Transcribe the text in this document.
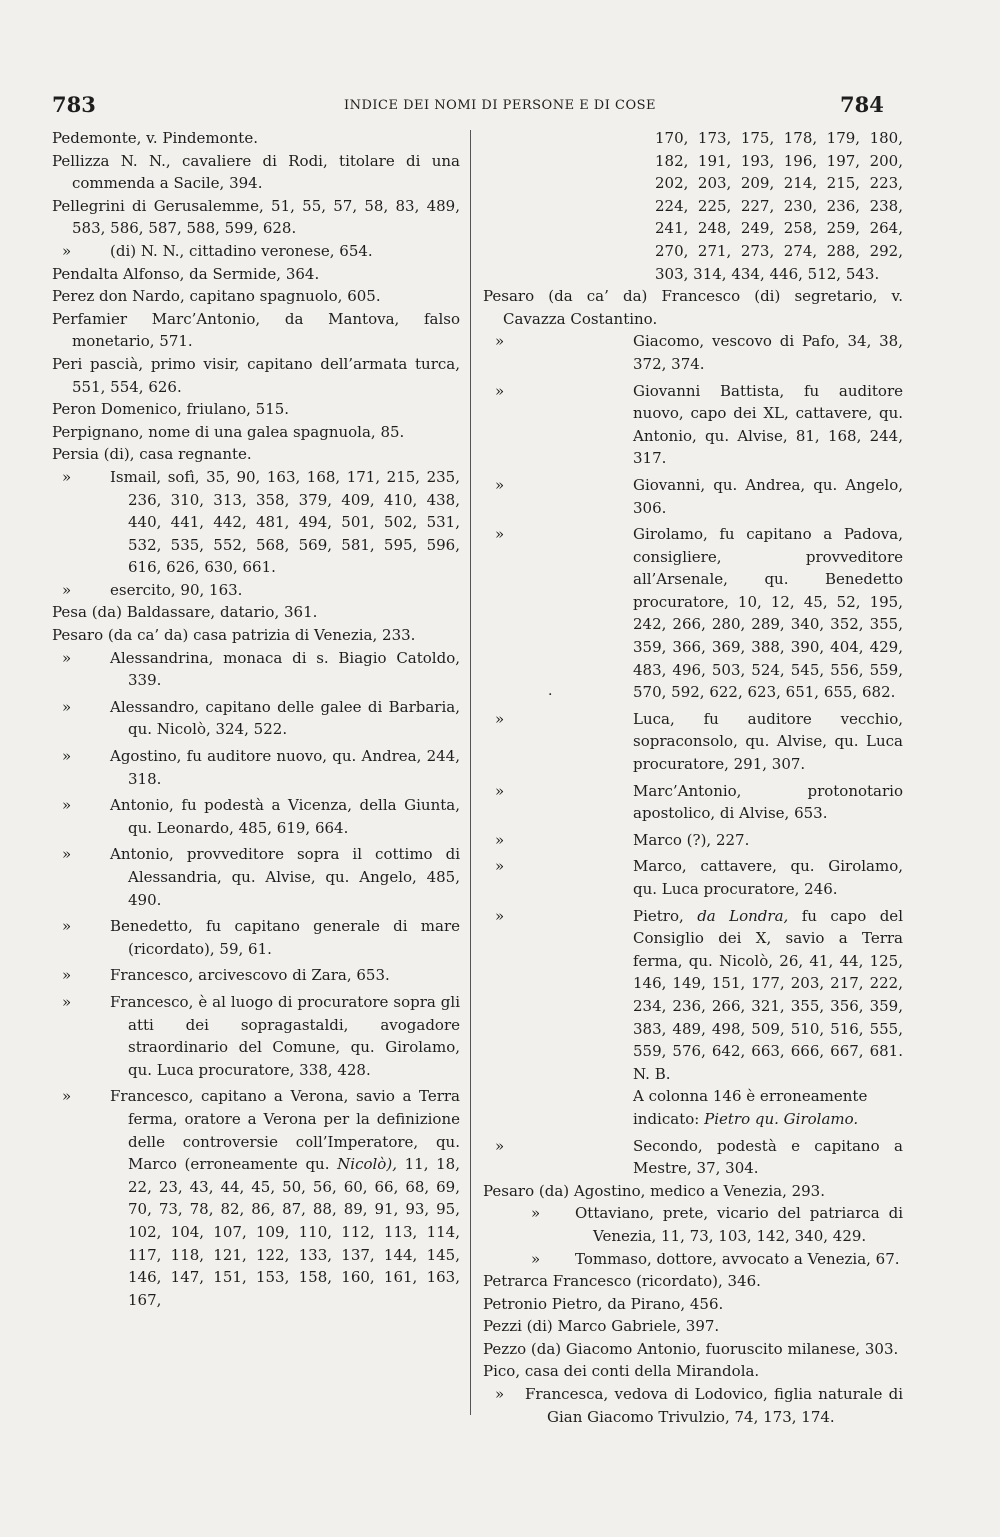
783	INDICE DEI NOMI DI PERSONE E DI COSE	784
Pedemonte, v. Pindemonte.
Pellizza N. N., cavaliere di Rodi, titolare di una commenda a Sacile, 394.
Pellegrini di Gerusalemme, 51, 55, 57, 58, 83, 489, 583, 586, 587, 588, 599, 628.
»	(di) N. N., cittadino veronese, 654.
Pendalta Alfonso, da Sermide, 364.
Perez don Nardo, capitano spagnuolo, 605.
Perfamier Marc’Antonio, da Mantova, falso monetario, 571.
Peri pascià, primo visir, capitano dell’armata turca, 551, 554, 626.
Peron Domenico, friulano, 515.
Perpignano, nome di una galea spagnuola, 85.
Persia (di), casa regnante.
»	Ismail, sofì, 35, 90, 163, 168, 171, 215, 235, 236, 310, 313, 358, 379, 409, 410, 438, 440, 441, 442, 481, 494, 501, 502, 531, 532, 535, 552, 568, 569, 581, 595, 596, 616, 626, 630, 661.
»	esercito, 90, 163.
Pesa (da) Baldassare, datario, 361.
Pesaro (da ca’ da) casa patrizia di Venezia, 233.
»	Alessandrina, monaca di s. Biagio Catoldo, 339.
»	Alessandro, capitano delle galee di Barbaria, qu. Nicolò, 324, 522.
»	Agostino, fu auditore nuovo, qu. Andrea, 244, 318.
»	Antonio, fu podestà a Vicenza, della Giunta, qu. Leonardo, 485, 619, 664.
»	Antonio, provveditore sopra il cottimo di Alessandria, qu. Alvise, qu. Angelo, 485, 490.
»	Benedetto, fu capitano generale di mare (ricordato), 59, 61.
»	Francesco, arcivescovo di Zara, 653.
»	Francesco, è al luogo di procuratore sopra gli atti dei sopragastaldi, avogadore straordinario del Comune, qu. Girolamo, qu. Luca procuratore, 338, 428.
»	Francesco, capitano a Verona, savio a Terra ferma, oratore a Verona per la definizione delle controversie coll’Imperatore, qu. Marco (erroneamente qu. Nicolò), 11, 18, 22, 23, 43, 44, 45, 50, 56, 60, 66, 68, 69, 70, 73, 78, 82, 86, 87, 88, 89, 91, 93, 95, 102, 104, 107, 109, 110, 112, 113, 114, 117, 118, 121, 122, 133, 137, 144, 145, 146, 147, 151, 153, 158, 160, 161, 163, 167,
170, 173, 175, 178, 179, 180, 182, 191, 193, 196, 197, 200, 202, 203, 209, 214, 215, 223, 224, 225, 227, 230, 236, 238, 241, 248, 249, 258, 259, 264, 270, 271, 273, 274, 288, 292, 303, 314, 434, 446, 512, 543.
Pesaro (da ca’ da) Francesco (di) segretario, v. Cavazza Costantino.
»	Giacomo, vescovo di Pafo, 34, 38, 372, 374.
»	Giovanni Battista, fu auditore nuovo, capo dei XL, cattavere, qu. Antonio, qu. Alvise, 81, 168, 244, 317.
»	Giovanni, qu. Andrea, qu. Angelo, 306.
»	Girolamo, fu capitano a Padova, consigliere, provveditore all’Arsenale, qu. Benedetto procuratore, 10, 12, 45, 52, 195, 242, 266, 280, 289, 340, 352, 355, 359, 366, 369, 388, 390, 404, 429, 483, 496, 503, 524, 545, 556, 559, 570, 592, 622, 623, 651, 655, 682.
»	Luca, fu auditore vecchio, sopraconsolo, qu. Alvise, qu. Luca procuratore, 291, 307.
»	Marc’Antonio, protonotario apostolico, di Alvise, 653.
»	Marco (?), 227.
»	Marco, cattavere, qu. Girolamo, qu. Luca procuratore, 246.
»	Pietro, da Londra, fu capo del Consiglio dei X, savio a Terra ferma, qu. Nicolò, 26, 41, 44, 125, 146, 149, 151, 177, 203, 217, 222, 234, 236, 266, 321, 355, 356, 359, 383, 489, 498, 509, 510, 516, 555, 559, 576, 642, 663, 666, 667, 681. N. B.
A colonna 146 è erroneamente
indicato: Pietro qu. Girolamo.
»	Secondo, podestà e capitano a Mestre, 37, 304.
Pesaro (da) Agostino, medico a Venezia, 293.
»	Ottaviano, prete, vicario del patriarca di Venezia, 11, 73, 103, 142, 340, 429.
»	Tommaso, dottore, avvocato a Venezia, 67.
Petrarca Francesco (ricordato), 346.
Petronio Pietro, da Pirano, 456.
Pezzi (di) Marco Gabriele, 397.
Pezzo (da) Giacomo Antonio, fuoruscito milanese, 303.
Pico, casa dei conti della Mirandola.
»	Francesca, vedova di Lodovico, figlia naturale di Gian Giacomo Trivulzio, 74, 173, 174.
.
